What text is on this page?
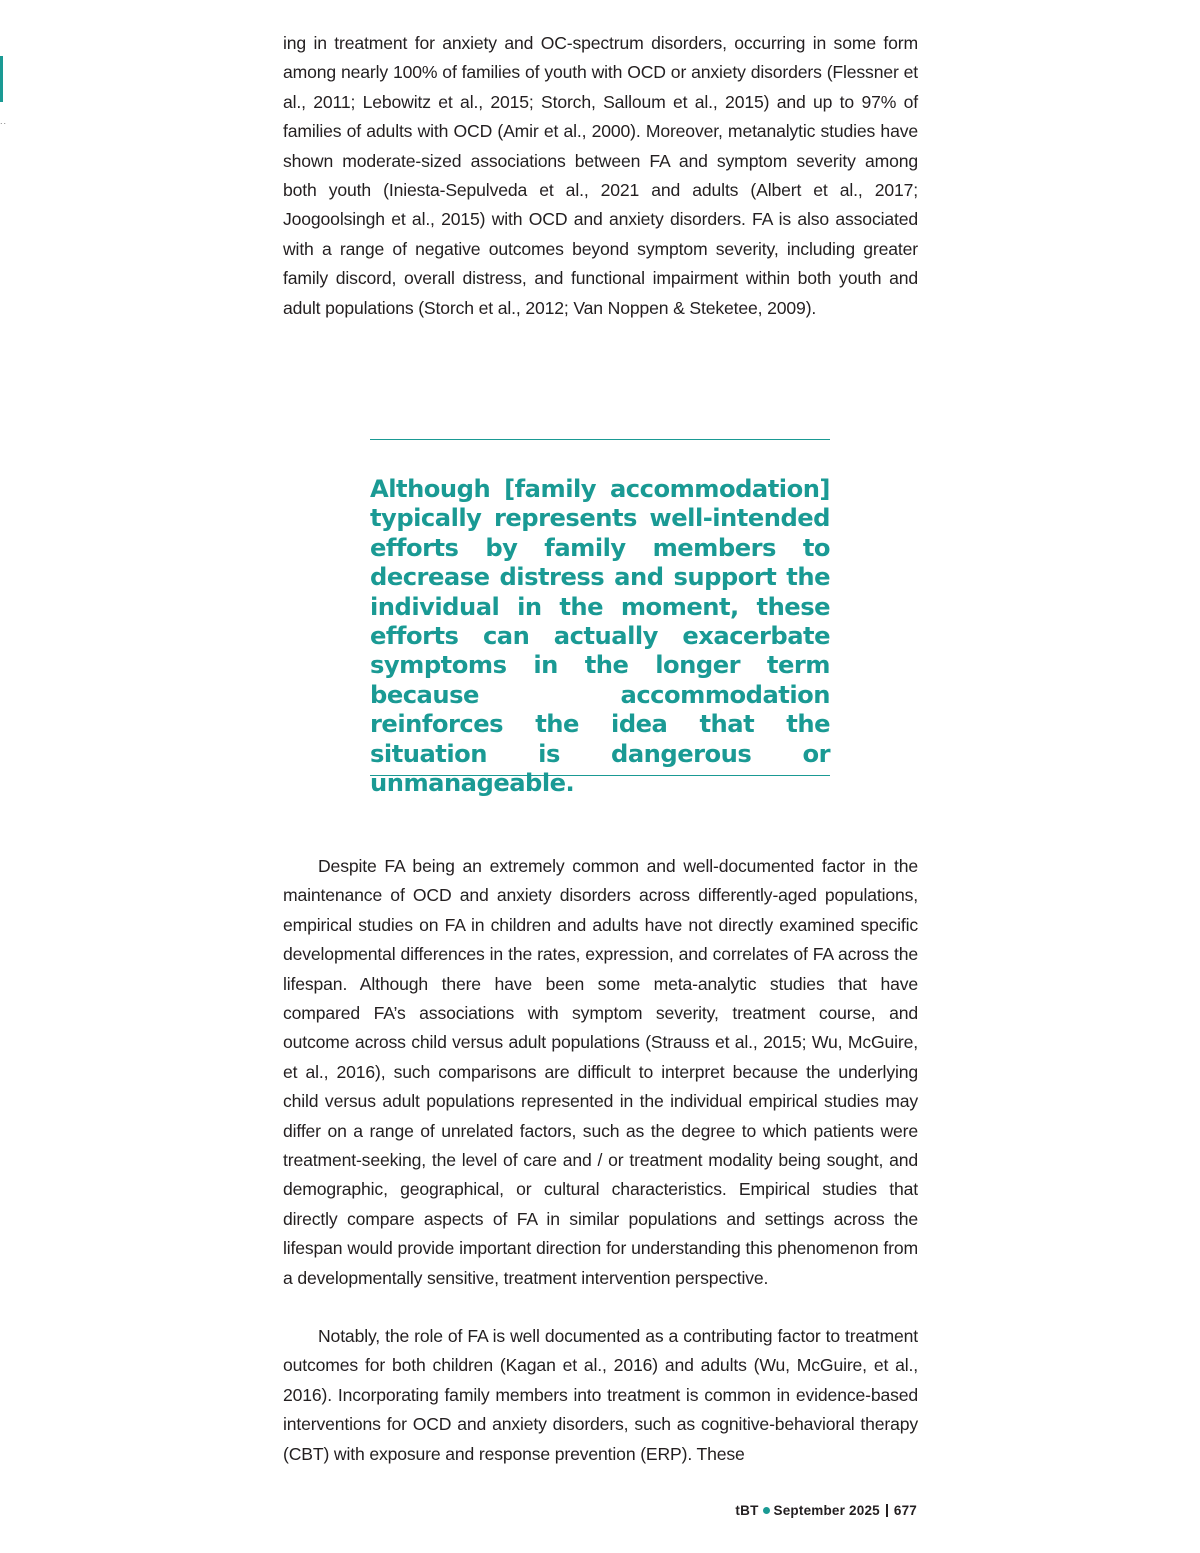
..

ing in treatment for anxiety and OC-spectrum disorders, occurring in some form among nearly 100% of families of youth with OCD or anxiety disorders (Flessner et al., 2011; Lebowitz et al., 2015; Storch, Salloum et al., 2015) and up to 97% of families of adults with OCD (Amir et al., 2000). Moreover, metanalytic studies have shown moderate-sized associations between FA and symptom severity among both youth (Iniesta-Sepulveda et al., 2021 and adults (Albert et al., 2017; Joogoolsingh et al., 2015) with OCD and anxiety disorders. FA is also associated with a range of negative outcomes beyond symptom severity, including greater family discord, overall distress, and functional impairment within both youth and adult populations (Storch et al., 2012; Van Noppen & Steketee, 2009).

Although [family accommodation] typically represents well-intended efforts by family members to decrease distress and support the individual in the moment, these efforts can actually exacerbate symptoms in the longer term because accommodation reinforces the idea that the situation is dangerous or unmanageable.

Despite FA being an extremely common and well-documented factor in the maintenance of OCD and anxiety disorders across differently-aged populations, empirical studies on FA in children and adults have not directly examined specific developmental differences in the rates, expression, and correlates of FA across the lifespan. Although there have been some meta-analytic studies that have compared FA’s associations with symptom severity, treatment course, and outcome across child versus adult populations (Strauss et al., 2015; Wu, McGuire, et al., 2016), such comparisons are difficult to interpret because the underlying child versus adult populations represented in the individual empirical studies may differ on a range of unrelated factors, such as the degree to which patients were treatment-seeking, the level of care and / or treatment modality being sought, and demographic, geographical, or cultural characteristics. Empirical studies that directly compare aspects of FA in similar populations and settings across the lifespan would provide important direction for understanding this phenomenon from a developmentally sensitive, treatment intervention perspective.

Notably, the role of FA is well documented as a contributing factor to treatment outcomes for both children (Kagan et al., 2016) and adults (Wu, McGuire, et al., 2016). Incorporating family members into treatment is common in evidence-based interventions for OCD and anxiety disorders, such as cognitive-behavioral therapy (CBT) with exposure and response prevention (ERP). These

tBT September 2025 677
